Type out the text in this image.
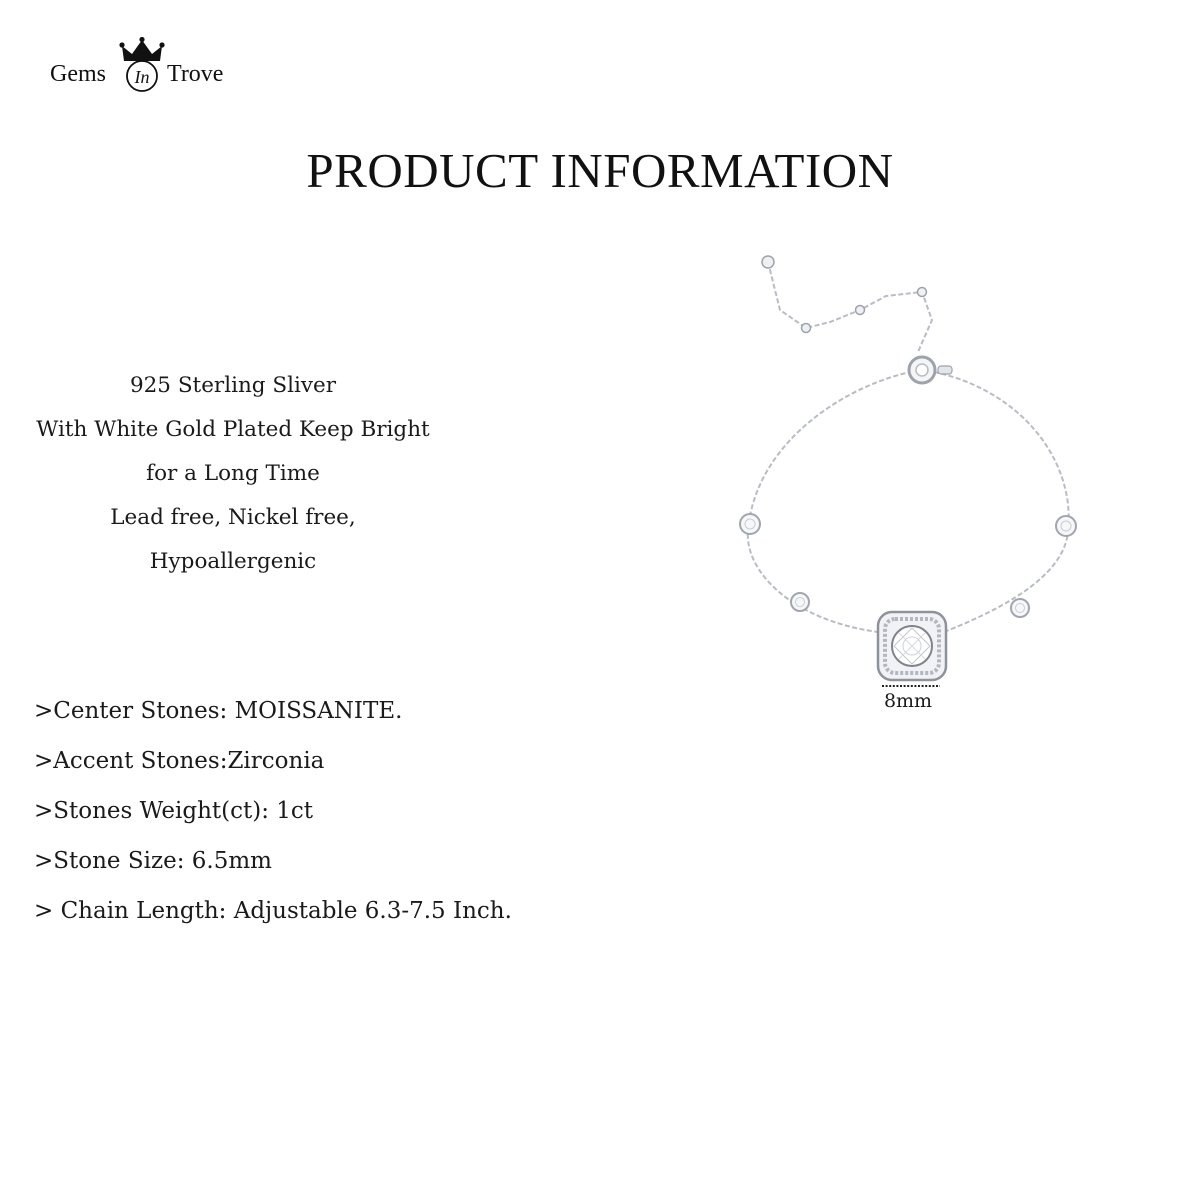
Gems In Trove
PRODUCT INFORMATION
925 Sterling Sliver
With White Gold Plated Keep Bright
for a Long Time
Lead free, Nickel free,
Hypoallergenic
>Center Stones: MOISSANITE.
>Accent Stones:Zirconia
>Stones Weight(ct): 1ct
>Stone Size: 6.5mm
> Chain Length: Adjustable 6.3-7.5 Inch.
8mm
